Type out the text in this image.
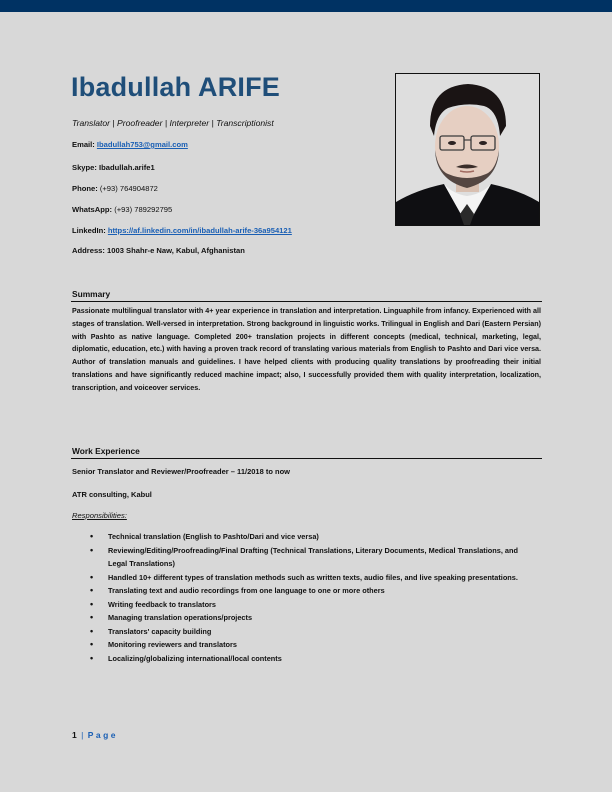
Ibadullah ARIFE
Translator | Proofreader | Interpreter | Transcriptionist
Email: Ibadullah753@gmail.com
Skype: Ibadullah.arife1
Phone: (+93) 764904872
WhatsApp: (+93) 789292795
LinkedIn: https://af.linkedin.com/in/ibadullah-arife-36a954121
Address: 1003 Shahr-e Naw, Kabul, Afghanistan
Summary
Passionate multilingual translator with 4+ year experience in translation and interpretation. Linguaphile from infancy. Experienced with all stages of translation. Well-versed in interpretation. Strong background in linguistic works. Trilingual in English and Dari (Eastern Persian) with Pashto as native language. Completed 200+ translation projects in different concepts (medical, technical, marketing, legal, diplomatic, education, etc.) with having a proven track record of translating various materials from English to Pashto and Dari vice versa. Author of translation manuals and guidelines. I have helped clients with producing quality translations by proofreading their initial translations and have significantly reduced machine impact; also, I successfully provided them with quality interpretation, localization, transcription, and voiceover services.
Work Experience
Senior Translator and Reviewer/Proofreader – 11/2018 to now
ATR consulting, Kabul
Responsibilities:
• Technical translation (English to Pashto/Dari and vice versa)
• Reviewing/Editing/Proofreading/Final Drafting (Technical Translations, Literary Documents, Medical Translations, and Legal Translations)
• Handled 10+ different types of translation methods such as written texts, audio files, and live speaking presentations.
• Translating text and audio recordings from one language to one or more others
• Writing feedback to translators
• Managing translation operations/projects
• Translators' capacity building
• Monitoring reviewers and translators
• Localizing/globalizing international/local contents
1 | Page
